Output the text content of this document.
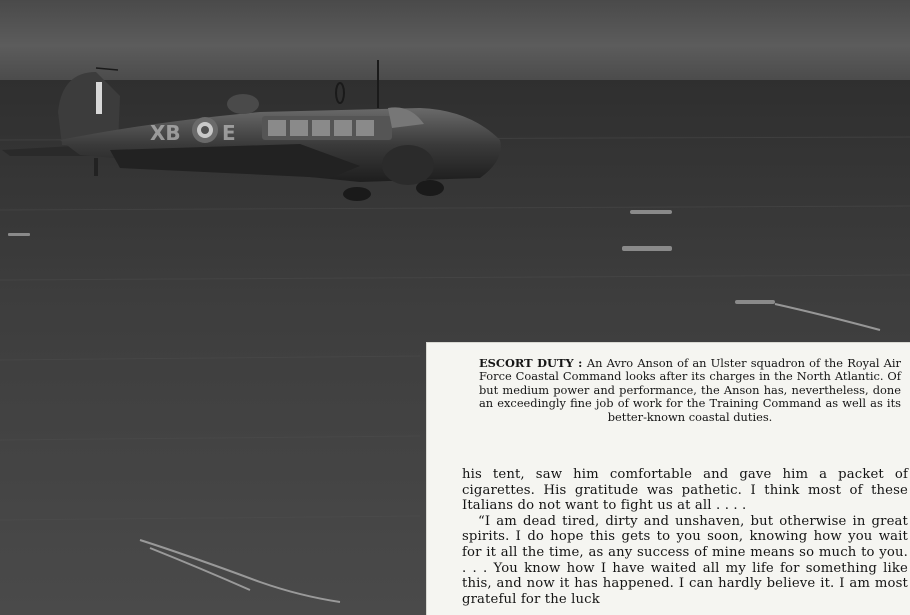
XB E
ESCORT DUTY : An Avro Anson of an Ulster squadron of the Royal Air Force Coastal Command looks after its charges in the North Atlantic. Of but medium power and performance, the Anson has, nevertheless, done an exceedingly fine job of work for the Training Command as well as its better-known coastal duties.

his tent, saw him comfortable and gave him a packet of cigarettes. His gratitude was pathetic. I think most of these Italians do not want to fight us at all . . . .

“I am dead tired, dirty and unshaven, but otherwise in great spirits. I do hope this gets to you soon, knowing how you wait for it all the time, as any success of mine means so much to you. . . . You know how I have waited all my life for something like this, and now it has happened. I can hardly believe it. I am most grateful for the luck
